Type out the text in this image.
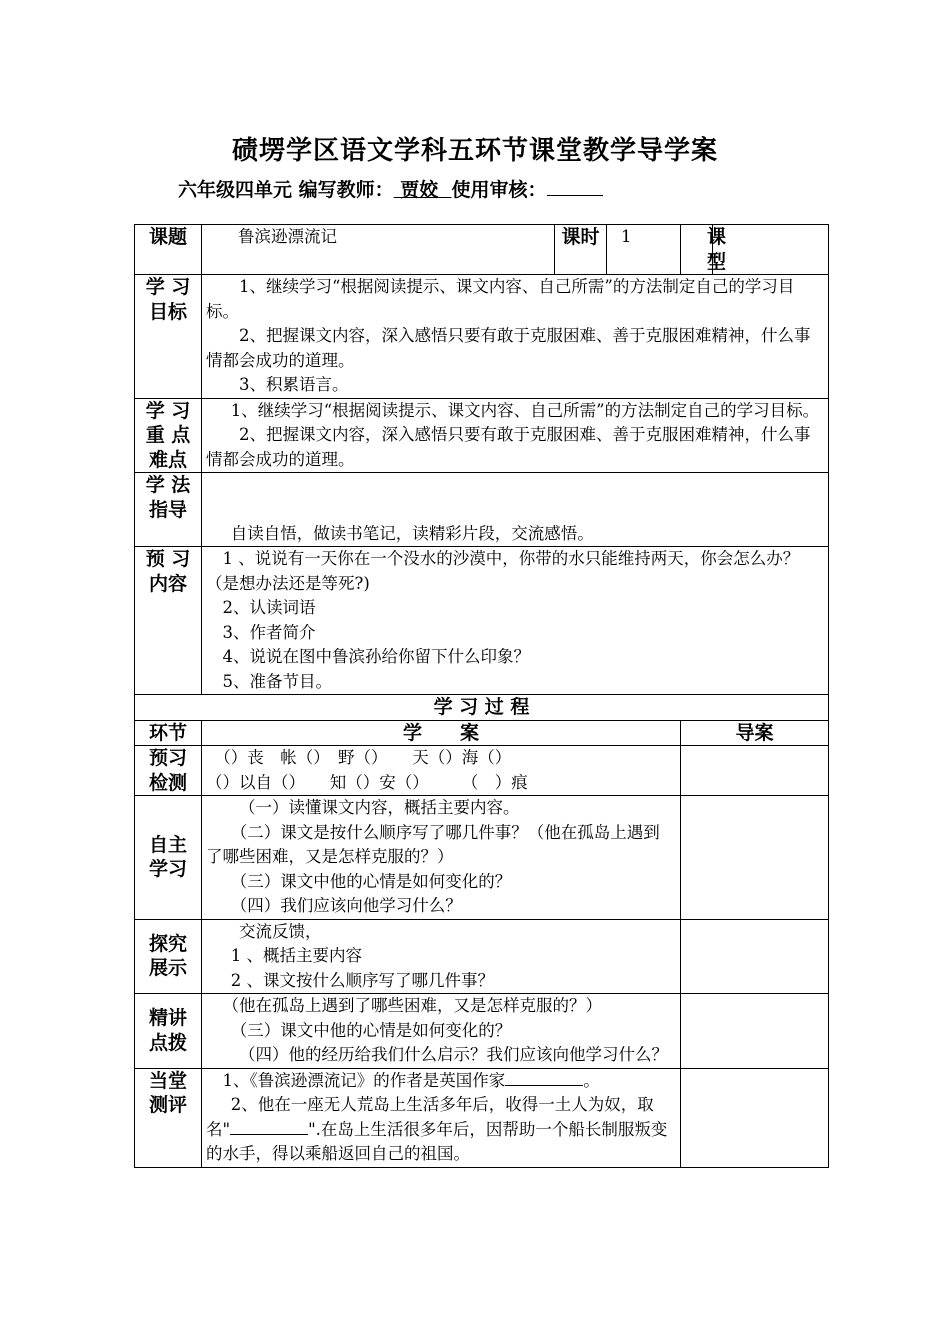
碛塄学区语文学科五环节课堂教学导学案
六年级四单元 编写教师： 贾姣 使用审核：
课题	鲁滨逊漂流记	课时	1	课型	
学 习 目标	1、继续学习“根据阅读提示、课文内容、自己所需”的方法制定自己的学习目标。
2、把握课文内容，深入感悟只要有敢于克服困难、善于克服困难精神，什么事情都会成功的道理。
3、积累语言。				

学 习 重 点 难点	1、继续学习“根据阅读提示、课文内容、自己所需”的方法制定自己的学习目标。
2、把握课文内容，深入感悟只要有敢于克服困难、善于克服困难精神，什么事情都会成功的道理。				

学 法 指导	自读自悟，做读书笔记，读精彩片段，交流感悟。				

预 习 内容	1 、说说有一天你在一个没水的沙漠中，你带的水只能维持两天，你会怎么办？（是想办法还是等死?)
2、认读词语
3、作者简介
4、说说在图中鲁滨孙给你留下什么印象？
5、准备节目。				

学 习 过 程					
环节	学　　案			导案	
预习 检测	（）丧　帐（）　野（）　　天（）海（）
（）以自（）　　知（）安（）　　　（　）痕				

自主 学习	（一）读懂课文内容，概括主要内容。
（二）课文是按什么顺序写了哪几件事？（他在孤岛上遇到了哪些困难，又是怎样克服的？）
（三）课文中他的心情是如何变化的？
（四）我们应该向他学习什么？				

探究 展示	交流反馈，
1 、概括主要内容
2 、课文按什么顺序写了哪几件事？				

精讲 点拨	（他在孤岛上遇到了哪些困难，又是怎样克服的？）
（三）课文中他的心情是如何变化的？
（四）他的经历给我们什么启示？我们应该向他学习什么？				

当堂 测评	1、《鲁滨逊漂流记》的作者是英国作家 。
2、他在一座无人荒岛上生活多年后，收得一土人为奴，取名" ".在岛上生活很多年后，因帮助一个船长制服叛变的水手，得以乘船返回自己的祖国。				
